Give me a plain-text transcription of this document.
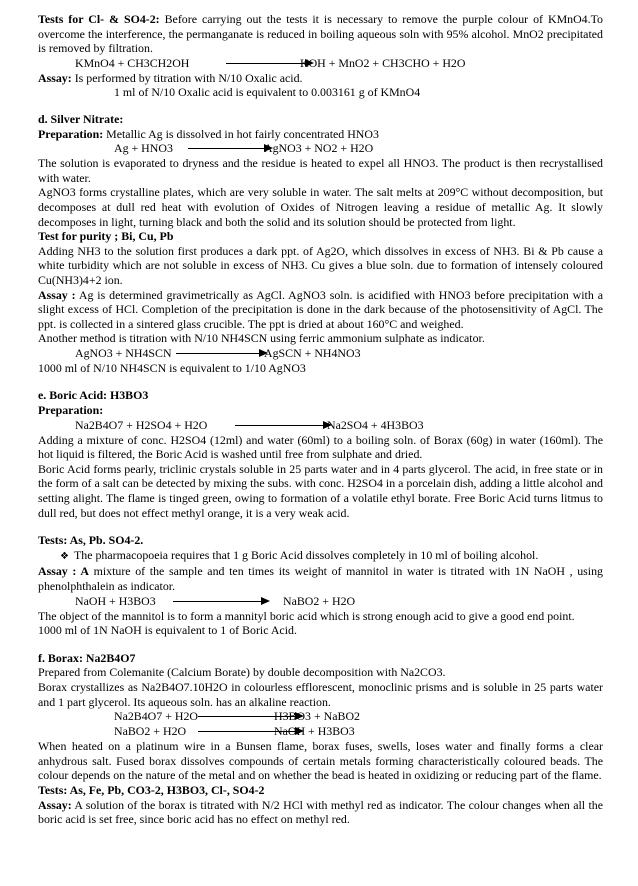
Tests for Cl- & SO4-2: Before carrying out the tests it is necessary to remove the purple colour of KMnO4.To overcome the interference, the permanganate is reduced in boiling aqueous soln with 95% alcohol. MnO2 precipitated is removed by filtration.

KMnO4 + CH3CH2OH	KOH + MnO2 + CH3CHO + H2O

Assay: Is performed by titration with N/10 Oxalic acid.

1 ml of N/10 Oxalic acid is equivalent to 0.003161 g of KMnO4

d. Silver Nitrate:

Preparation: Metallic Ag is dissolved in hot fairly concentrated HNO3

Ag + HNO3	AgNO3 + NO2 + H2O

The solution is evaporated to dryness and the residue is heated to expel all HNO3. The product is then recrystallised with water.

AgNO3 forms crystalline plates, which are very soluble in water. The salt melts at 209°C without decomposition, but decomposes at dull red heat with evolution of Oxides of Nitrogen leaving a residue of metallic Ag. It slowly decomposes in light, turning black and both the solid and its solution should be protected from light.

Test for purity ; Bi, Cu, Pb

Adding NH3 to the solution first produces a dark ppt. of Ag2O, which dissolves in excess of NH3. Bi & Pb cause a white turbidity which are not soluble in excess of NH3. Cu gives a blue soln. due to formation of intensely coloured Cu(NH3)4+2 ion.

Assay : Ag is determined gravimetrically as AgCl. AgNO3 soln. is acidified with HNO3 before precipitation with a slight excess of HCl. Completion of the precipitation is done in the dark because of the photosensitivity of AgCl. The ppt. is collected in a sintered glass crucible. The ppt is dried at about 160°C and weighed.

Another method is titration with N/10 NH4SCN using ferric ammonium sulphate as indicator.

AgNO3 + NH4SCN	AgSCN + NH4NO3

1000 ml of N/10 NH4SCN is equivalent to 1/10 AgNO3

e. Boric Acid: H3BO3

Preparation:

Na2B4O7 + H2SO4 + H2O	Na2SO4 + 4H3BO3

Adding a mixture of conc. H2SO4 (12ml) and water (60ml) to a boiling soln. of Borax (60g) in water (160ml). The hot liquid is filtered, the Boric Acid is washed until free from sulphate and dried.

Boric Acid forms pearly, triclinic crystals soluble in 25 parts water and in 4 parts glycerol. The acid, in free state or in the form of a salt can be detected by mixing the subs. with conc. H2SO4 in a porcelain dish, adding a little alcohol and setting alight. The flame is tinged green, owing to formation of a volatile ethyl borate. Free Boric Acid turns litmus to dull red, but does not effect methyl orange, it is a very weak acid.

Tests: As, Pb. SO4-2.

❖ The pharmacopoeia requires that 1 g Boric Acid dissolves completely in 10 ml of boiling alcohol.

Assay : A mixture of the sample and ten times its weight of mannitol in water is titrated with 1N NaOH , using phenolphthalein as indicator.

NaOH + H3BO3	NaBO2 + H2O

The object of the mannitol is to form a mannityl boric acid which is strong enough acid to give a good end point.

1000 ml of 1N NaOH is equivalent to 1 of Boric Acid.

f. Borax: Na2B4O7

Prepared from Colemanite (Calcium Borate) by double decomposition with Na2CO3.

Borax crystallizes as Na2B4O7.10H2O in colourless efflorescent, monoclinic prisms and is soluble in 25 parts water and 1 part glycerol. Its aqueous soln. has an alkaline reaction.

Na2B4O7 + H2O	H3BO3 + NaBO2
NaBO2 + H2O	NaOH + H3BO3

When heated on a platinum wire in a Bunsen flame, borax fuses, swells, loses water and finally forms a clear anhydrous salt. Fused borax dissolves compounds of certain metals forming characteristically coloured beads. The colour depends on the nature of the metal and on whether the bead is heated in oxidizing or reducing part of the flame.

Tests: As, Fe, Pb, CO3-2, H3BO3, Cl-, SO4-2

Assay: A solution of the borax is titrated with N/2 HCl with methyl red as indicator. The colour changes when all the boric acid is set free, since boric acid has no effect on methyl red.
